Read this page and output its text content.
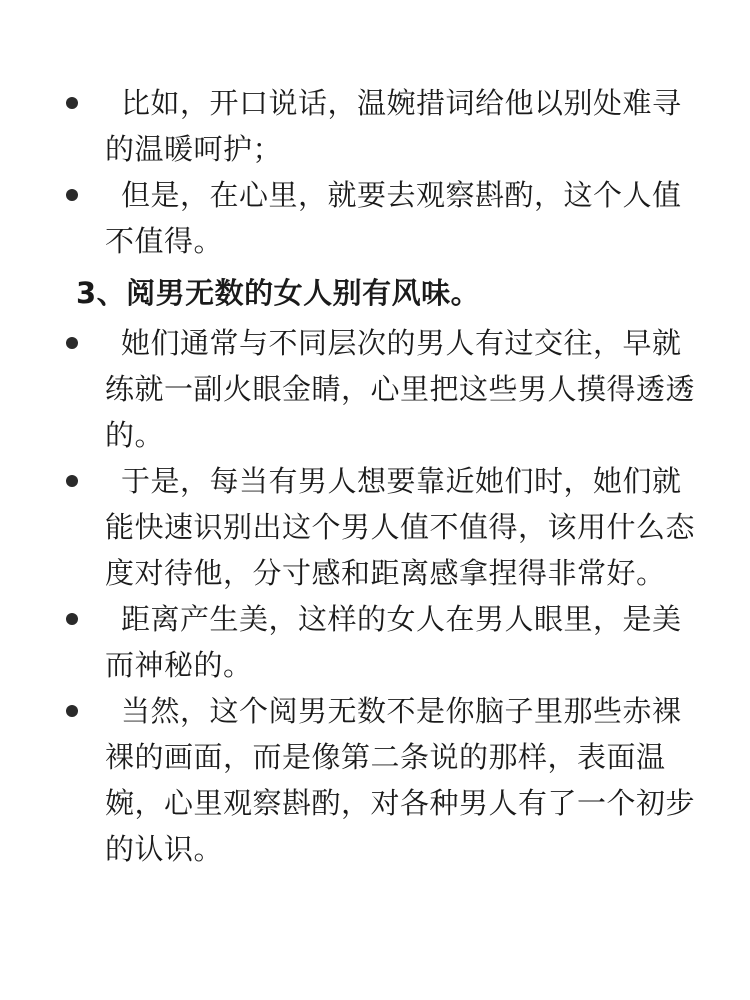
比如，开口说话，温婉措词给他以别处难寻的温暖呵护；
但是，在心里，就要去观察斟酌，这个人值不值得。
3、阅男无数的女人别有风味。
她们通常与不同层次的男人有过交往，早就练就一副火眼金睛，心里把这些男人摸得透透的。
于是，每当有男人想要靠近她们时，她们就能快速识别出这个男人值不值得，该用什么态度对待他，分寸感和距离感拿捏得非常好。
距离产生美，这样的女人在男人眼里，是美而神秘的。
当然，这个阅男无数不是你脑子里那些赤裸裸的画面，而是像第二条说的那样，表面温婉，心里观察斟酌，对各种男人有了一个初步的认识。
